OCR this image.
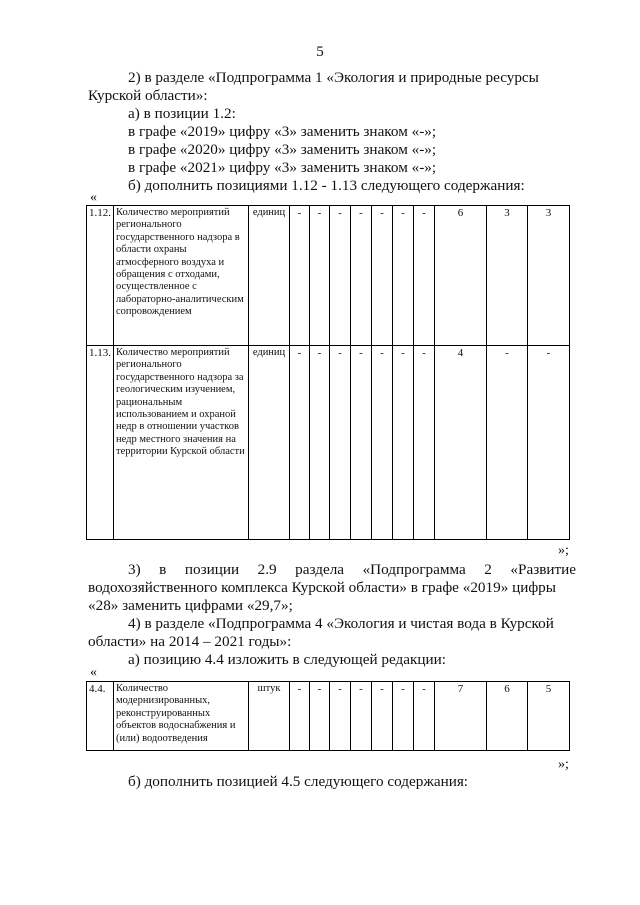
5
2) в разделе «Подпрограмма 1 «Экология и природные ресурсы
Курской области»:
а) в позиции 1.2:
в графе «2019» цифру «3» заменить знаком «-»;
в графе «2020» цифру «3» заменить знаком «-»;
в графе «2021» цифру «3» заменить знаком «-»;
б) дополнить позициями 1.12 - 1.13 следующего содержания:
«
1.12.	Количество мероприятий регионального государственного надзора в области охраны атмосферного воздуха и обращения с отходами, осуществленное с лабораторно-аналитическим сопровождением	единиц	-	-	-	-	-	-	-	6	3	3
1.13.	Количество мероприятий регионального государственного надзора за геологическим изучением, рациональным использованием и охраной недр в отношении участков недр местного значения на территории Курской области	единиц	-	-	-	-	-	-	-	4	-	-
»;
3) в позиции 2.9 раздела «Подпрограмма 2 «Развитие
водохозяйственного комплекса Курской области» в графе «2019» цифры
«28» заменить цифрами «29,7»;
4) в разделе «Подпрограмма 4 «Экология и чистая вода в Курской
области» на 2014 – 2021 годы»:
а) позицию 4.4 изложить в следующей редакции:
«
4.4.	Количество модернизированных, реконструированных объектов водоснабжения и (или) водоотведения	штук	-	-	-	-	-	-	-	7	6	5
»;
б) дополнить позицией 4.5 следующего содержания:
